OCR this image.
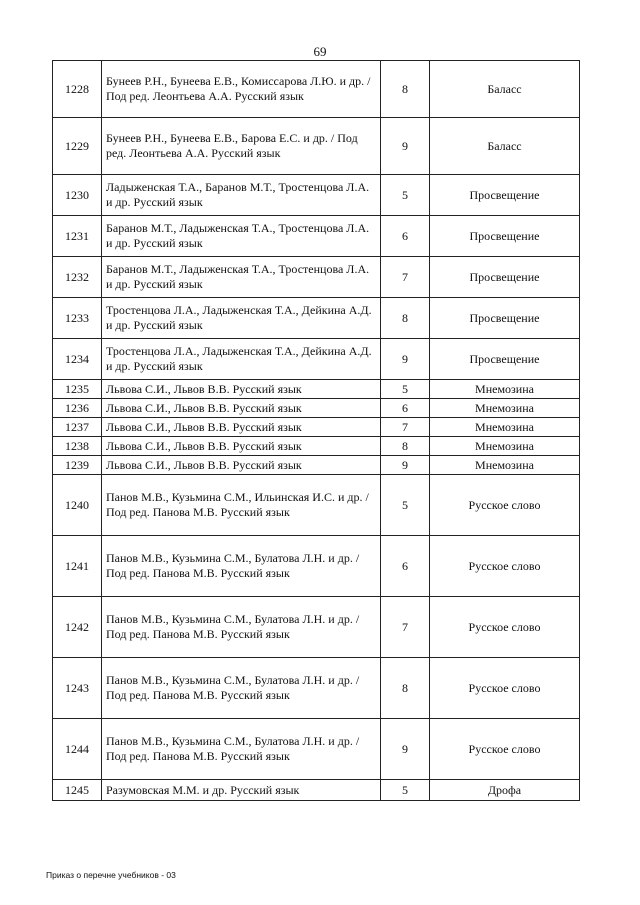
69
1228	Бунеев Р.Н., Бунеева Е.В., Комиссарова Л.Ю. и др. / Под ред. Леонтьева А.А. Русский язык	8	Баласс
1229	Бунеев Р.Н., Бунеева Е.В., Барова Е.С. и др. / Под ред. Леонтьева А.А. Русский язык	9	Баласс
1230	Ладыженская Т.А., Баранов М.Т., Тростенцова Л.А. и др. Русский язык	5	Просвещение
1231	Баранов М.Т., Ладыженская Т.А., Тростенцова Л.А. и др. Русский язык	6	Просвещение
1232	Баранов М.Т., Ладыженская Т.А., Тростенцова Л.А. и др. Русский язык	7	Просвещение
1233	Тростенцова Л.А., Ладыженская Т.А., Дейкина А.Д. и др. Русский язык	8	Просвещение
1234	Тростенцова Л.А., Ладыженская Т.А., Дейкина А.Д. и др. Русский язык	9	Просвещение
1235	Львова С.И., Львов В.В. Русский язык	5	Мнемозина
1236	Львова С.И., Львов В.В. Русский язык	6	Мнемозина
1237	Львова С.И., Львов В.В. Русский язык	7	Мнемозина
1238	Львова С.И., Львов В.В. Русский язык	8	Мнемозина
1239	Львова С.И., Львов В.В. Русский язык	9	Мнемозина
1240	Панов М.В., Кузьмина С.М., Ильинская И.С. и др. / Под ред. Панова М.В. Русский язык	5	Русское слово
1241	Панов М.В., Кузьмина С.М., Булатова Л.Н. и др. / Под ред. Панова М.В. Русский язык	6	Русское слово
1242	Панов М.В., Кузьмина С.М., Булатова Л.Н. и др. / Под ред. Панова М.В. Русский язык	7	Русское слово
1243	Панов М.В., Кузьмина С.М., Булатова Л.Н. и др. / Под ред. Панова М.В. Русский язык	8	Русское слово
1244	Панов М.В., Кузьмина С.М., Булатова Л.Н. и др. / Под ред. Панова М.В. Русский язык	9	Русское слово
1245	Разумовская М.М. и др. Русский язык	5	Дрофа
Приказ о перечне учебников - 03
